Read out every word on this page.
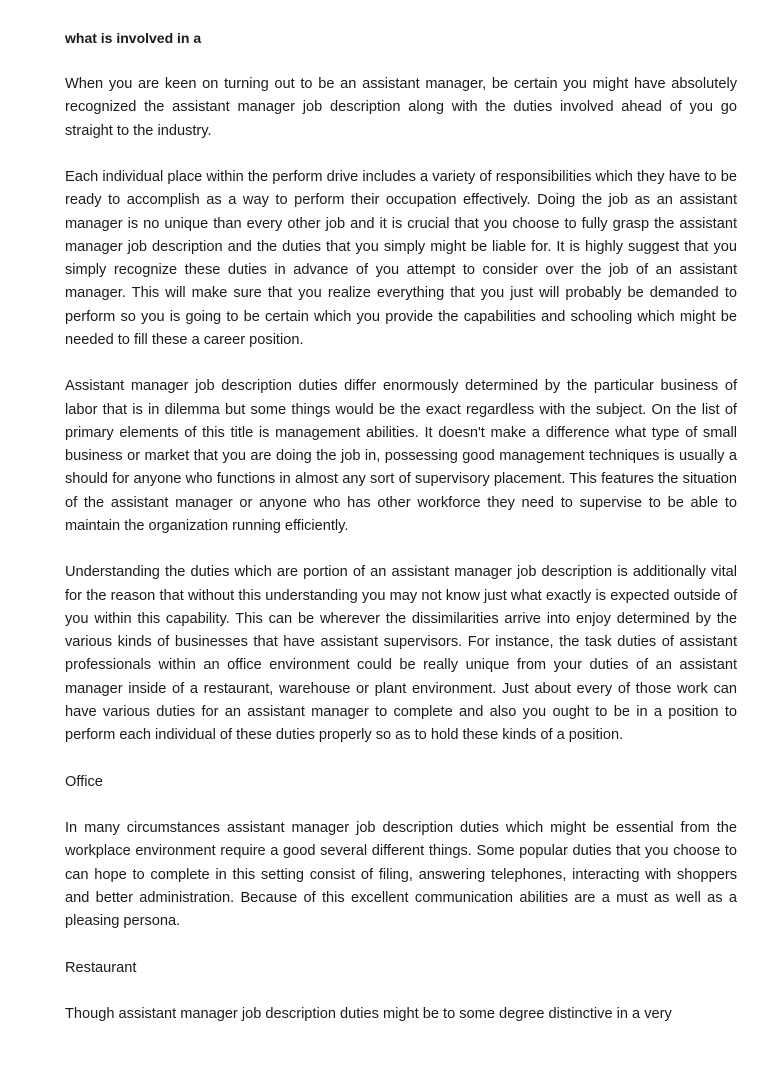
what is involved in a

When you are keen on turning out to be an assistant manager, be certain you might have absolutely recognized the assistant manager job description along with the duties involved ahead of you go straight to the industry.

Each individual place within the perform drive includes a variety of responsibilities which they have to be ready to accomplish as a way to perform their occupation effectively. Doing the job as an assistant manager is no unique than every other job and it is crucial that you choose to fully grasp the assistant manager job description and the duties that you simply might be liable for. It is highly suggest that you simply recognize these duties in advance of you attempt to consider over the job of an assistant manager. This will make sure that you realize everything that you just will probably be demanded to perform so you is going to be certain which you provide the capabilities and schooling which might be needed to fill these a career position.

Assistant manager job description duties differ enormously determined by the particular business of labor that is in dilemma but some things would be the exact regardless with the subject. On the list of primary elements of this title is management abilities. It doesn't make a difference what type of small business or market that you are doing the job in, possessing good management techniques is usually a should for anyone who functions in almost any sort of supervisory placement. This features the situation of the assistant manager or anyone who has other workforce they need to supervise to be able to maintain the organization running efficiently.

Understanding the duties which are portion of an assistant manager job description is additionally vital for the reason that without this understanding you may not know just what exactly is expected outside of you within this capability. This can be wherever the dissimilarities arrive into enjoy determined by the various kinds of businesses that have assistant supervisors. For instance, the task duties of assistant professionals within an office environment could be really unique from your duties of an assistant manager inside of a restaurant, warehouse or plant environment. Just about every of those work can have various duties for an assistant manager to complete and also you ought to be in a position to perform each individual of these duties properly so as to hold these kinds of a position.

Office

In many circumstances assistant manager job description duties which might be essential from the workplace environment require a good several different things. Some popular duties that you choose to can hope to complete in this setting consist of filing, answering telephones, interacting with shoppers and better administration. Because of this excellent communication abilities are a must as well as a pleasing persona.

Restaurant

Though assistant manager job description duties might be to some degree distinctive in a very
